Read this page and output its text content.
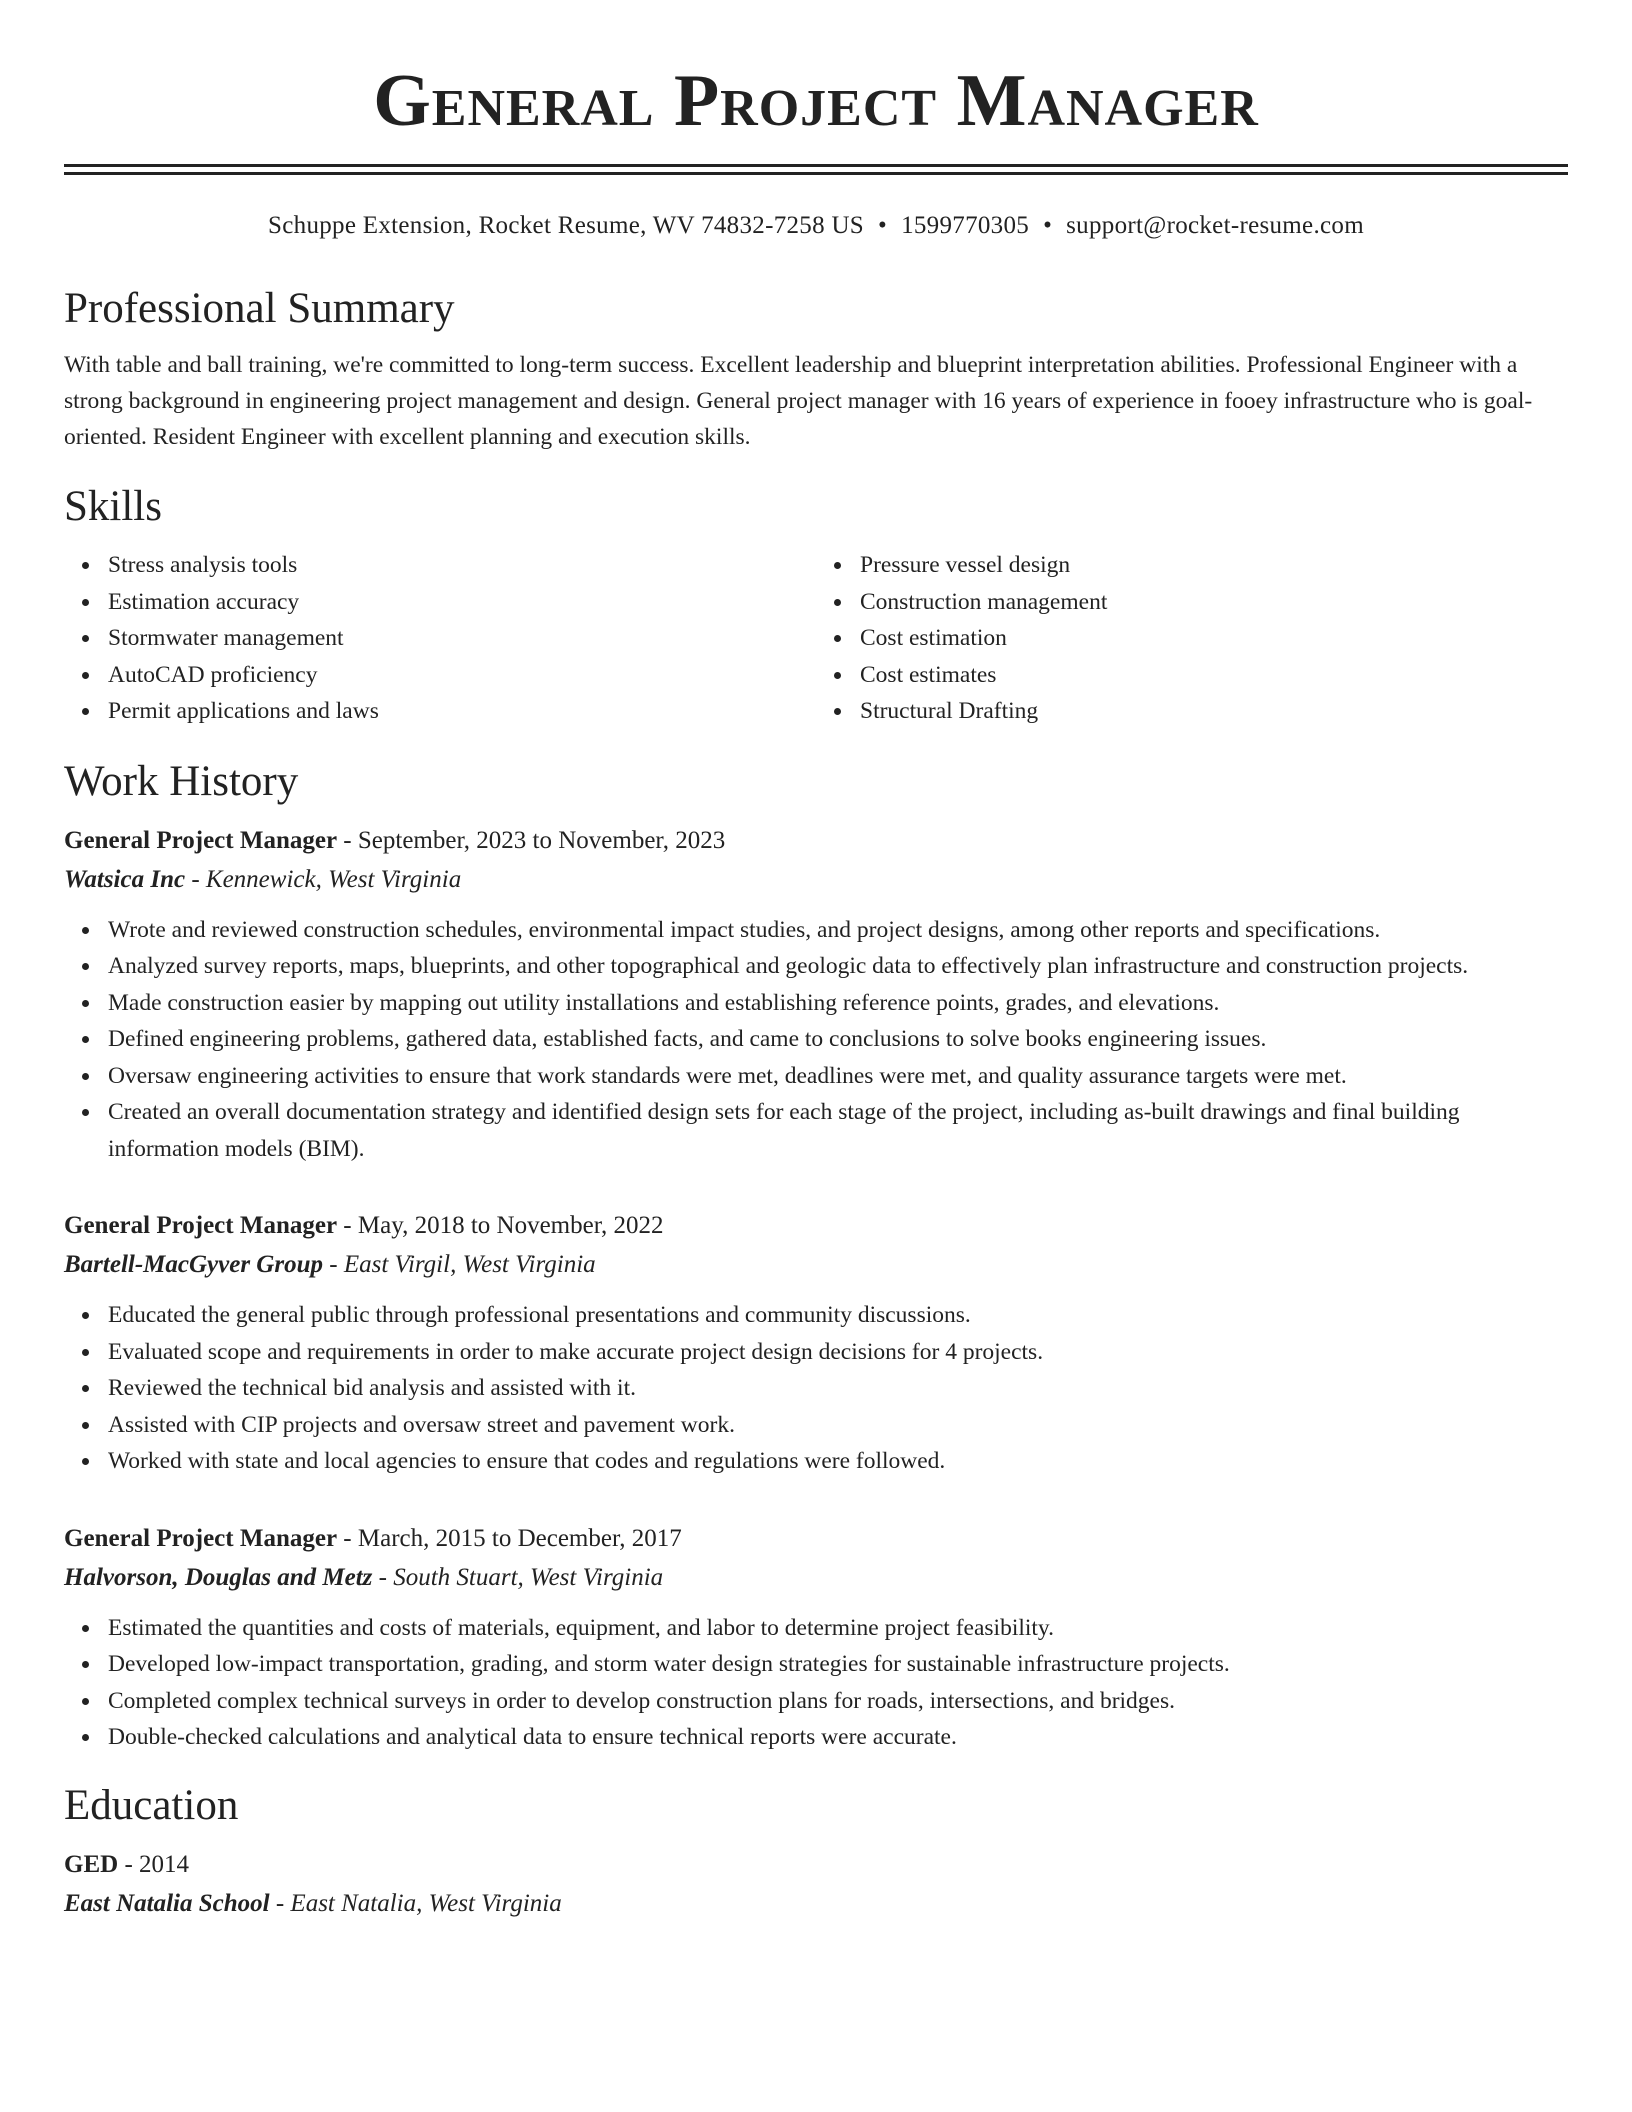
General Project Manager
Schuppe Extension, Rocket Resume, WV 74832-7258 US • 1599770305 • support@rocket-resume.com
Professional Summary

With table and ball training, we're committed to long-term success. Excellent leadership and blueprint interpretation abilities. Professional Engineer with a strong background in engineering project management and design. General project manager with 16 years of experience in fooey infrastructure who is goal-oriented. Resident Engineer with excellent planning and execution skills.

Skills
Stress analysis tools
Estimation accuracy
Stormwater management
AutoCAD proficiency
Permit applications and laws
Pressure vessel design
Construction management
Cost estimation
Cost estimates
Structural Drafting
Work History
General Project Manager - September, 2023 to November, 2023
Watsica Inc - Kennewick, West Virginia
Wrote and reviewed construction schedules, environmental impact studies, and project designs, among other reports and specifications.
Analyzed survey reports, maps, blueprints, and other topographical and geologic data to effectively plan infrastructure and construction projects.
Made construction easier by mapping out utility installations and establishing reference points, grades, and elevations.
Defined engineering problems, gathered data, established facts, and came to conclusions to solve books engineering issues.
Oversaw engineering activities to ensure that work standards were met, deadlines were met, and quality assurance targets were met.
Created an overall documentation strategy and identified design sets for each stage of the project, including as-built drawings and final building information models (BIM).
General Project Manager - May, 2018 to November, 2022
Bartell-MacGyver Group - East Virgil, West Virginia
Educated the general public through professional presentations and community discussions.
Evaluated scope and requirements in order to make accurate project design decisions for 4 projects.
Reviewed the technical bid analysis and assisted with it.
Assisted with CIP projects and oversaw street and pavement work.
Worked with state and local agencies to ensure that codes and regulations were followed.
General Project Manager - March, 2015 to December, 2017
Halvorson, Douglas and Metz - South Stuart, West Virginia
Estimated the quantities and costs of materials, equipment, and labor to determine project feasibility.
Developed low-impact transportation, grading, and storm water design strategies for sustainable infrastructure projects.
Completed complex technical surveys in order to develop construction plans for roads, intersections, and bridges.
Double-checked calculations and analytical data to ensure technical reports were accurate.
Education
GED - 2014
East Natalia School - East Natalia, West Virginia
